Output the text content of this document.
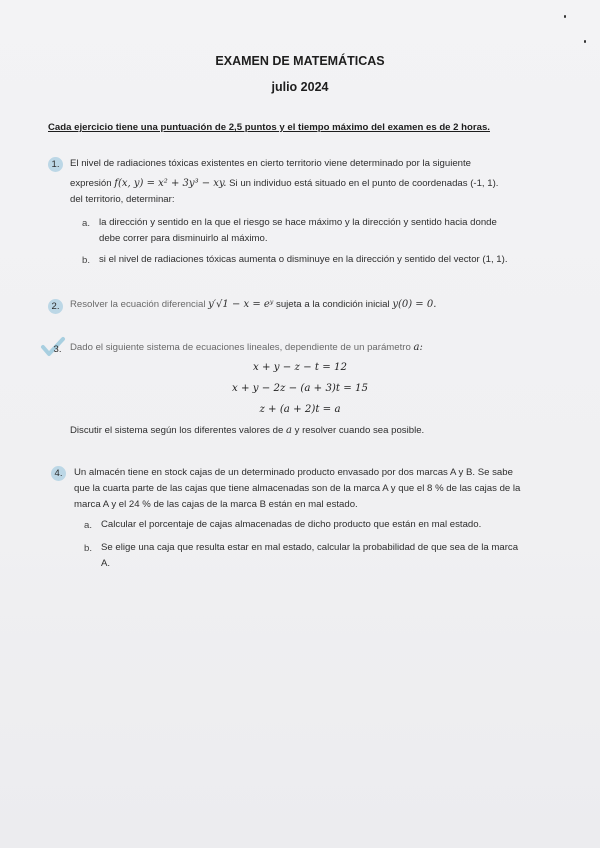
EXAMEN DE MATEMÁTICAS
julio 2024
Cada ejercicio tiene una puntuación de 2,5 puntos y el tiempo máximo del examen es de 2 horas.
1.	El nivel de radiaciones tóxicas existentes en cierto territorio viene determinado por la siguiente
expresión f(x, y) = x² + 3y³ − xy. Si un individuo está situado en el punto de coordenadas (-1, 1).
del territorio, determinar:
a. la dirección y sentido en la que el riesgo se hace máximo y la dirección y sentido hacia donde
debe correr para disminuirlo al máximo.
b. si el nivel de radiaciones tóxicas aumenta o disminuye en la dirección y sentido del vector (1, 1).
2.	Resolver la ecuación diferencial y′√1 − x = eʸ sujeta a la condición inicial y(0) = 0.
3. Dado el siguiente sistema de ecuaciones lineales, dependiente de un parámetro a:
x + y − z − t = 12
x + y − 2z − (a + 3)t = 15
z + (a + 2)t = a
Discutir el sistema según los diferentes valores de a y resolver cuando sea posible.
4.	Un almacén tiene en stock cajas de un determinado producto envasado por dos marcas A y B. Se sabe
que la cuarta parte de las cajas que tiene almacenadas son de la marca A y que el 8 % de las cajas de la
marca A y el 24 % de las cajas de la marca B están en mal estado.
a. Calcular el porcentaje de cajas almacenadas de dicho producto que están en mal estado.
b. Se elige una caja que resulta estar en mal estado, calcular la probabilidad de que sea de la marca
A.
